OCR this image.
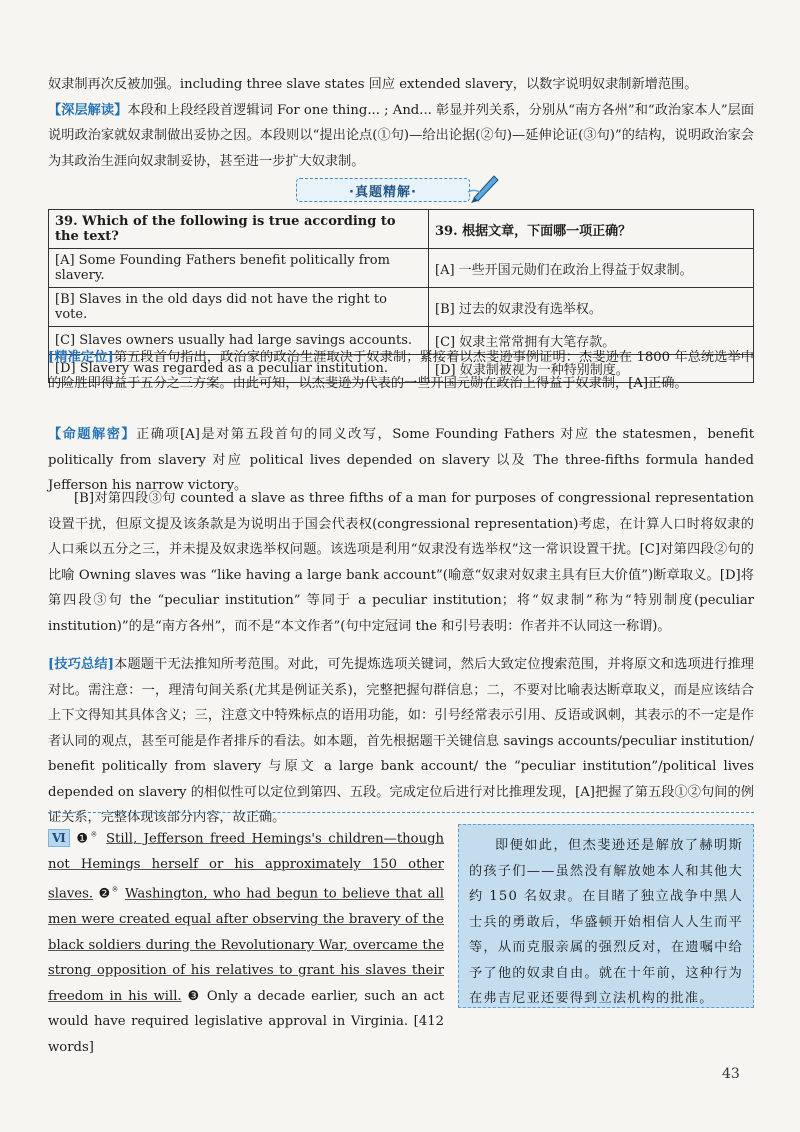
奴隶制再次反被加强。including three slave states 回应 extended slavery，以数字说明奴隶制新增范围。
【深层解读】本段和上段经段首逻辑词 For one thing... ; And... 彰显并列关系，分别从“南方各州”和“政治家本人”层面说明政治家就奴隶制做出妥协之因。本段则以“提出论点(①句)—给出论据(②句)—延伸论证(③句)”的结构，说明政治家会为其政治生涯向奴隶制妥协，甚至进一步扩大奴隶制。
·真题精解·
39. Which of the following is true according to the text?	39. 根据文章，下面哪一项正确？
[A] Some Founding Fathers benefit politically from slavery.	[A] 一些开国元勋们在政治上得益于奴隶制。
[B] Slaves in the old days did not have the right to vote.	[B] 过去的奴隶没有选举权。
[C] Slaves owners usually had large savings accounts.	[C] 奴隶主常常拥有大笔存款。
[D] Slavery was regarded as a peculiar institution.	[D] 奴隶制被视为一种特别制度。
[精准定位]第五段首句指出，政治家的政治生涯取决于奴隶制；紧接着以杰斐逊事例证明：杰斐逊在 1800 年总统选举中的险胜即得益于五分之三方案。由此可知，以杰斐逊为代表的一些开国元勋在政治上得益于奴隶制，[A]正确。
【命题解密】正确项[A]是对第五段首句的同义改写，Some Founding Fathers 对应 the statesmen，benefit politically from slavery 对应 political lives depended on slavery 以及 The three-fifths formula handed Jefferson his narrow victory。
[B]对第四段③句 counted a slave as three fifths of a man for purposes of congressional representation 设置干扰，但原文提及该条款是为说明出于国会代表权(congressional representation)考虑，在计算人口时将奴隶的人口乘以五分之三，并未提及奴隶选举权问题。该选项是利用“奴隶没有选举权”这一常识设置干扰。[C]对第四段②句的比喻 Owning slaves was “like having a large bank account”(喻意“奴隶对奴隶主具有巨大价值”)断章取义。[D]将第四段③句 the “peculiar institution” 等同于 a peculiar institution；将“奴隶制”称为“特别制度(peculiar institution)”的是“南方各州”，而不是“本文作者”(句中定冠词 the 和引号表明：作者并不认同这一称谓)。
[技巧总结]本题题干无法推知所考范围。对此，可先提炼选项关键词，然后大致定位搜索范围，并将原文和选项进行推理对比。需注意：一，理清句间关系(尤其是例证关系)，完整把握句群信息；二，不要对比喻表达断章取义，而是应该结合上下文得知其具体含义；三，注意文中特殊标点的语用功能，如：引号经常表示引用、反语或讽刺，其表示的不一定是作者认同的观点，甚至可能是作者排斥的看法。如本题，首先根据题干关键信息 savings accounts/peculiar institution/ benefit politically from slavery 与原文 a large bank account/ the “peculiar institution”/political lives depended on slavery 的相似性可以定位到第四、五段。完成定位后进行对比推理发现，[A]把握了第五段①②句间的例证关系，完整体现该部分内容，故正确。
Ⅵ ❶※ Still, Jefferson freed Hemings's children—though not Hemings herself or his approximately 150 other slaves. ❷※ Washington, who had begun to believe that all men were created equal after observing the bravery of the black soldiers during the Revolutionary War, overcame the strong opposition of his relatives to grant his slaves their freedom in his will. ❸ Only a decade earlier, such an act would have required legislative approval in Virginia. [412 words]

即便如此，但杰斐逊还是解放了赫明斯的孩子们——虽然没有解放她本人和其他大约 150 名奴隶。在目睹了独立战争中黑人士兵的勇敢后，华盛顿开始相信人人生而平等，从而克服亲属的强烈反对，在遗嘱中给予了他的奴隶自由。就在十年前，这种行为在弗吉尼亚还要得到立法机构的批准。

43
